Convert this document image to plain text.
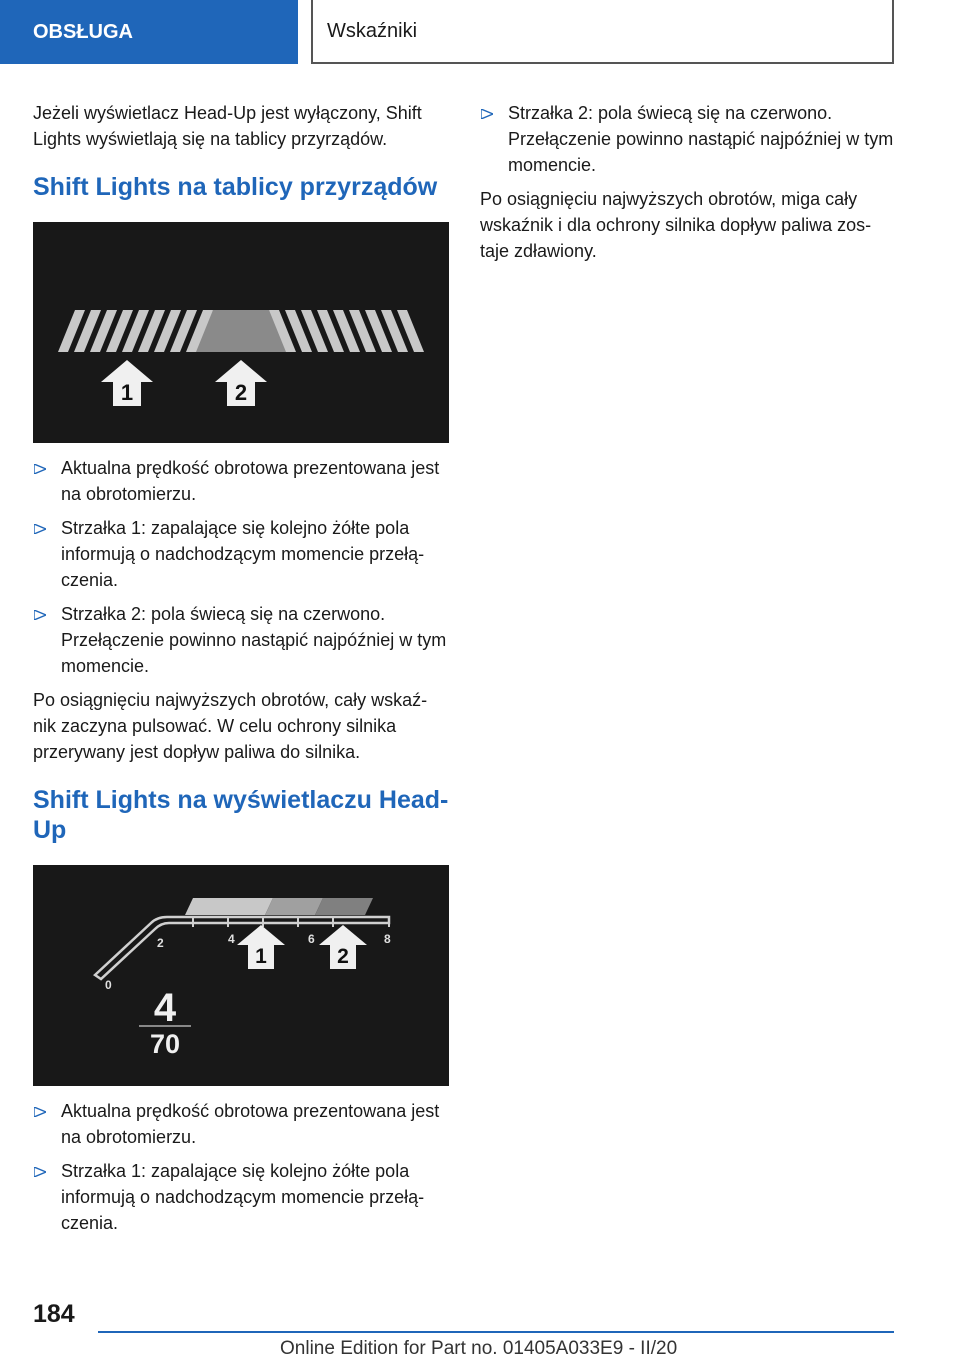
OBSŁUGA	Wskaźniki

Jeżeli wyświetlacz Head-Up jest wyłączony, Shift Lights wyświetlają się na tablicy przyrządów.

Shift Lights na tablicy przyrządów
1	2
Aktualna prędkość obrotowa prezentowana jest na obrotomierzu.
Strzałka 1: zapalające się kolejno żółte pola informują o nadchodzącym momencie przełą‐czenia.
Strzałka 2: pola świecą się na czerwono. Przełączenie powinno nastąpić najpóźniej w tym momencie.

Po osiągnięciu najwyższych obrotów, cały wskaź‐nik zaczyna pulsować. W celu ochrony silnika przerywany jest dopływ paliwa do silnika.

Shift Lights na wyświetlaczu Head-Up
0
2	4	6	8
1	2
4
70
Aktualna prędkość obrotowa prezentowana jest na obrotomierzu.
Strzałka 1: zapalające się kolejno żółte pola informują o nadchodzącym momencie przełą‐czenia.
Strzałka 2: pola świecą się na czerwono. Przełączenie powinno nastąpić najpóźniej w tym momencie.

Po osiągnięciu najwyższych obrotów, miga cały wskaźnik i dla ochrony silnika dopływ paliwa zos‐taje zdławiony.

184
Online Edition for Part no. 01405A033E9 - II/20
